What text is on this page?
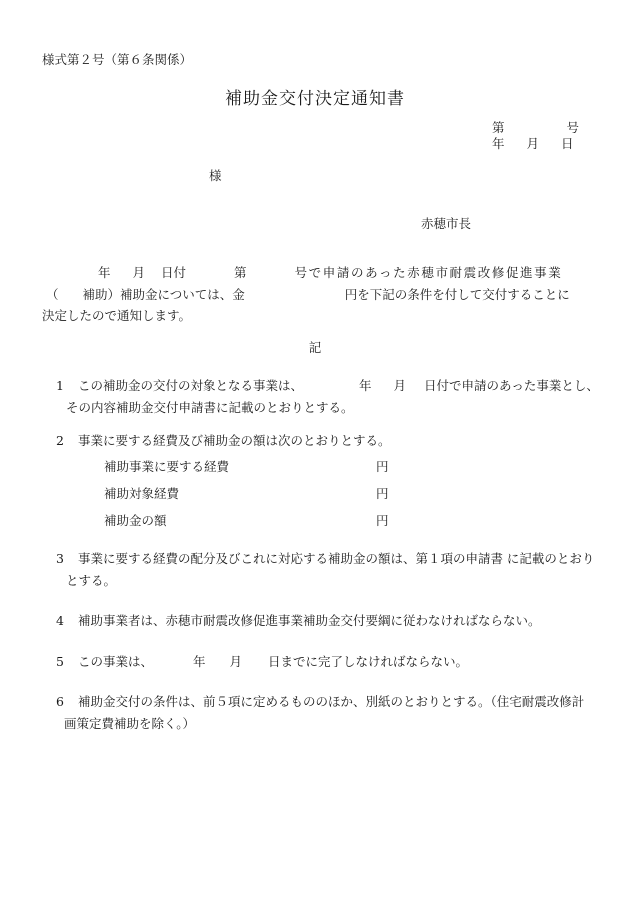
様式第２号（第６条関係）
補助金交付決定通知書
第	号
年 月 日
様
赤穂市長
年 月 日付	第	号で申請のあった赤穂市耐震改修促進事業
（ 補助）補助金については、金	円を下記の条件を付して交付することに
決定したので通知します。
記
1 この補助金の交付の対象となる事業は、	年 月 日付で申請のあった事業とし、
その内容補助金交付申請書に記載のとおりとする。
2 事業に要する経費及び補助金の額は次のとおりとする。
補助事業に要する経費	円
補助対象経費	円
補助金の額	円
3 事業に要する経費の配分及びこれに対応する補助金の額は、第１項の申請書 に記載のとおり
とする。
4 補助事業者は、赤穂市耐震改修促進事業補助金交付要綱に従わなければならない。
5 この事業は、	年 月 日までに完了しなければならない。
6 補助金交付の条件は、前５項に定めるもののほか、別紙のとおりとする。（住宅耐震改修計
画策定費補助を除く。）
